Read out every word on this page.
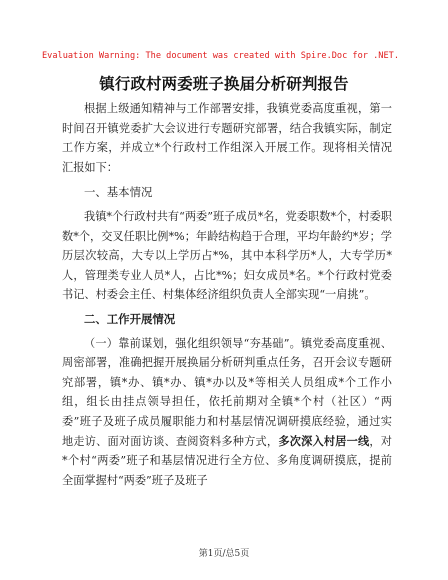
Evaluation Warning: The document was created with Spire.Doc for .NET.
镇行政村两委班子换届分析研判报告

根据上级通知精神与工作部署安排，我镇党委高度重视，第一时间召开镇党委扩大会议进行专题研究部署，结合我镇实际，制定工作方案，并成立*个行政村工作组深入开展工作。现将相关情况汇报如下：

一、基本情况

我镇*个行政村共有“两委”班子成员*名，党委职数*个，村委职数*个，交叉任职比例*%；年龄结构趋于合理，平均年龄约*岁；学历层次较高，大专以上学历占*%，其中本科学历*人，大专学历*人，管理类专业人员*人，占比*%；妇女成员*名。*个行政村党委书记、村委会主任、村集体经济组织负责人全部实现“一肩挑”。

二、工作开展情况

（一）靠前谋划，强化组织领导“夯基础”。镇党委高度重视、周密部署，准确把握开展换届分析研判重点任务，召开会议专题研究部署，镇*办、镇*办、镇*办以及*等相关人员组成*个工作小组，组长由挂点领导担任，依托前期对全镇*个村（社区）“两委”班子及班子成员履职能力和村基层情况调研摸底经验，通过实地走访、面对面访谈、查阅资料多种方式，多次深入村居一线，对*个村“两委”班子和基层情况进行全方位、多角度调研摸底，提前全面掌握村“两委”班子及班子

第1页/总5页
